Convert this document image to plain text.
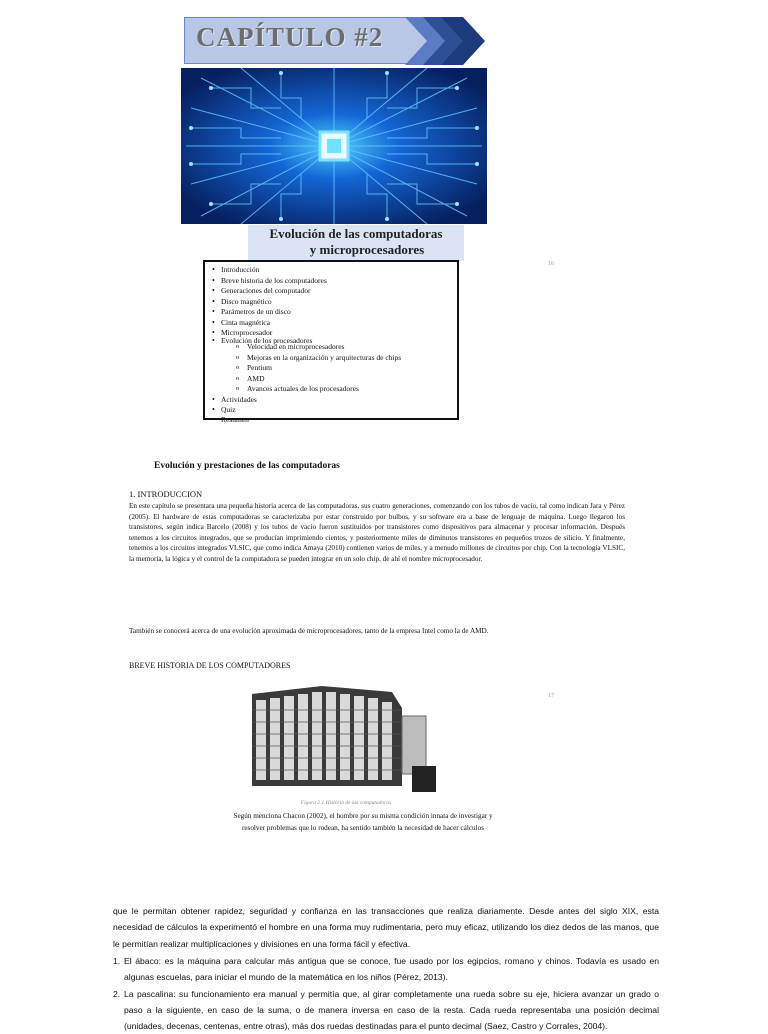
CAPÍTULO #2
Evolución de las computadoras
y microprocesadores
• Introducción
• Breve historia de los computadores
• Generaciones del computador
• Disco magnético
• Parámetros de un disco
• Cinta magnética
• Microprocesador
• Evolución de los procesadores
o Velocidad en microprocesadores
o Mejoras en la organización y arquitecturas de chips
o Pentium
o AMD
o Avances actuales de los procesadores
• Actividades
• Quiz
• Resumen
16
Evolución y prestaciones de las computadoras
1. INTRODUCCION
En este capítulo se presentara una pequeña historia acerca de las computadoras, sus cuatro generaciones, comenzando con los tubos de vacío, tal como indican Jara y Pérez (2005). El hardware de estas computadoras se caracterizaba por estar construido por bulbos, y su software era a base de lenguaje de máquina. Luego llegaron los transistores, según indica Barcelo (2008) y los tubos de vacío fueron sustituidos por transistores como dispositivos para almacenar y procesar información. Después tenemos a los circuitos integrados, que se producían imprimiendo cientos, y posteriormente miles de diminutos transistores en pequeños trozos de silicio. Y finalmente, tenemos a los circuitos integrados VLSIC, que como indica Amaya (2010) contienen varios de miles, y a menudo millones de circuitos por chip. Con la tecnología VLSIC, la memoria, la lógica y el control de la computadora se pueden integrar en un solo chip, de ahí el nombre microprocesador.
También se conocerá acerca de una evolución aproximada de microprocesadores, tanto de la empresa Intel como la de AMD.
BREVE HISTORIA DE LOS COMPUTADORES
17
Figura 2.1 Historia de las computadoras
Según menciona Chacon (2002), el hombre por su misma condición innata de investigar y
resolver problemas que lo rodean, ha sentido también la necesidad de hacer cálculos
que le permitan obtener rapidez, seguridad y confianza en las transacciones que realiza diariamente. Desde antes del siglo XIX, esta necesidad de cálculos la experimentó el hombre en una forma muy rudimentaria, pero muy eficaz, utilizando los diez dedos de las manos, que le permitían realizar multiplicaciones y divisiones en una forma fácil y efectiva.
1. El ábaco: es la máquina para calcular más antigua que se conoce, fue usado por los egipcios, romano y chinos. Todavía es usado en algunas escuelas, para iniciar el mundo de la matemática en los niños (Pérez, 2013).
2. La pascalina: su funcionamiento era manual y permitía que, al girar completamente una rueda sobre su eje, hiciera avanzar un grado o paso a la siguiente, en caso de la suma, o de manera inversa en caso de la resta. Cada rueda representaba una posición decimal (unidades, decenas, centenas, entre otras), más dos ruedas destinadas para el punto decimal (Saez, Castro y Corrales, 2004).
